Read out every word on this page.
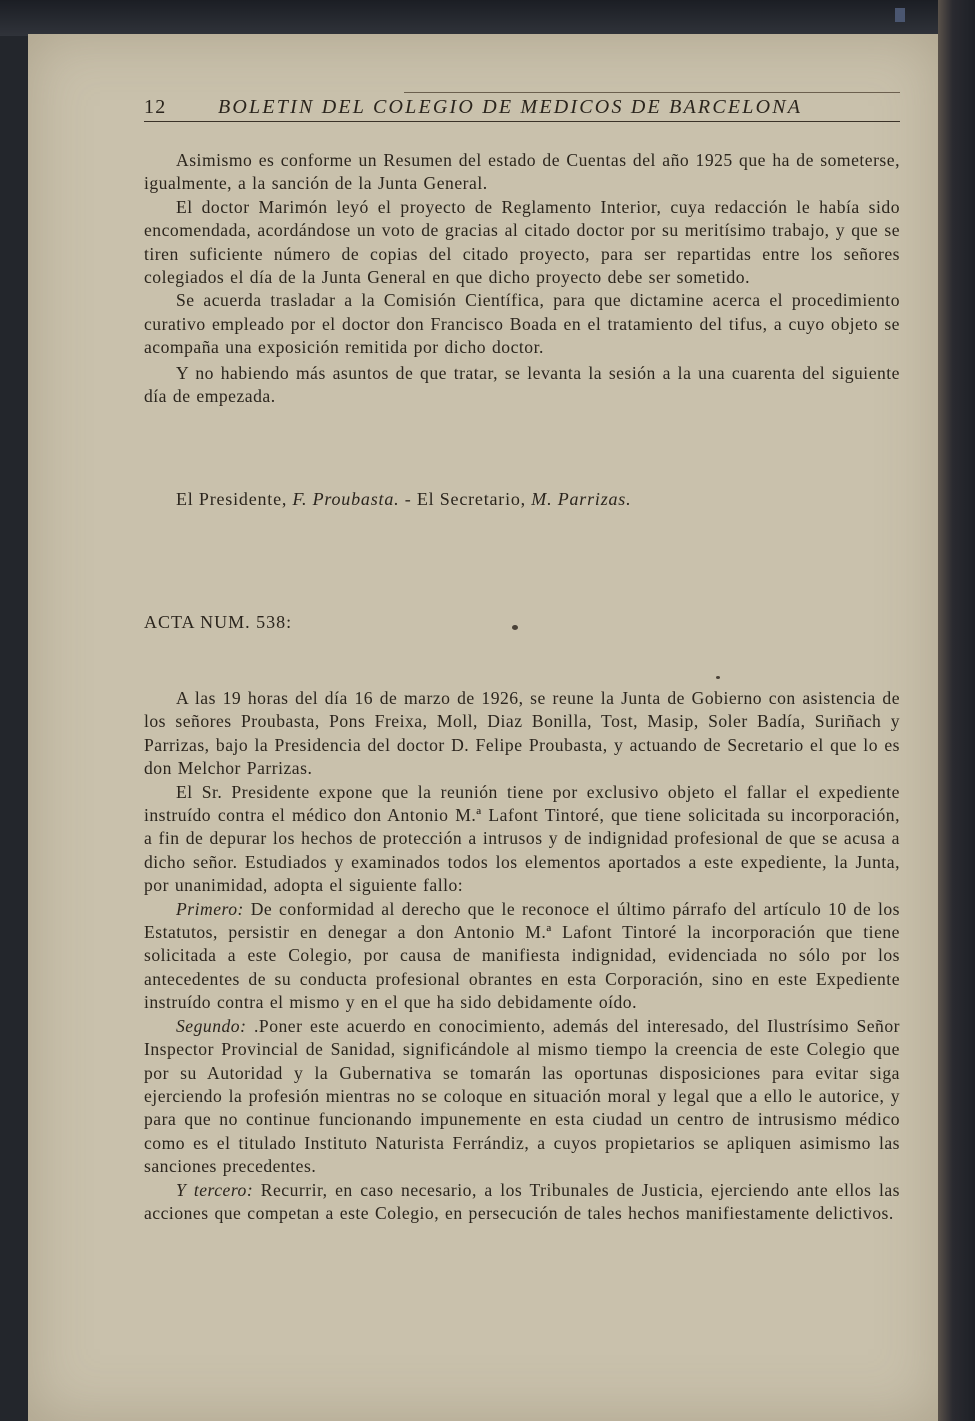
12	BOLETIN DEL COLEGIO DE MEDICOS DE BARCELONA

Asimismo es conforme un Resumen del estado de Cuentas del año 1925 que ha de someterse, igualmente, a la sanción de la Junta General.

El doctor Marimón leyó el proyecto de Reglamento Interior, cuya redacción le había sido encomendada, acordándose un voto de gracias al citado doctor por su meritísimo trabajo, y que se tiren suficiente número de copias del citado proyecto, para ser repartidas entre los señores colegiados el día de la Junta General en que dicho proyecto debe ser sometido.

Se acuerda trasladar a la Comisión Científica, para que dictamine acerca el procedimiento curativo empleado por el doctor don Francisco Boada en el tratamiento del tifus, a cuyo objeto se acompaña una exposición remitida por dicho doctor.

Y no habiendo más asuntos de que tratar, se levanta la sesión a la una cuarenta del siguiente día de empezada.

El Presidente, F. Proubasta. - El Secretario, M. Parrizas.
ACTA NUM. 538:

A las 19 horas del día 16 de marzo de 1926, se reune la Junta de Gobierno con asistencia de los señores Proubasta, Pons Freixa, Moll, Diaz Bonilla, Tost, Masip, Soler Badía, Suriñach y Parrizas, bajo la Presidencia del doctor D. Felipe Proubasta, y actuando de Secretario el que lo es don Melchor Parrizas.

El Sr. Presidente expone que la reunión tiene por exclusivo objeto el fallar el expediente instruído contra el médico don Antonio M.ª Lafont Tintoré, que tiene solicitada su incorporación, a fin de depurar los hechos de protección a intrusos y de indignidad profesional de que se acusa a dicho señor. Estudiados y examinados todos los elementos aportados a este expediente, la Junta, por unanimidad, adopta el siguiente fallo:

Primero: De conformidad al derecho que le reconoce el último párrafo del artículo 10 de los Estatutos, persistir en denegar a don Antonio M.ª Lafont Tintoré la incorporación que tiene solicitada a este Colegio, por causa de manifiesta indignidad, evidenciada no sólo por los antecedentes de su conducta profesional obrantes en esta Corporación, sino en este Expediente instruído contra el mismo y en el que ha sido debidamente oído.

Segundo: .Poner este acuerdo en conocimiento, además del interesado, del Ilustrísimo Señor Inspector Provincial de Sanidad, significándole al mismo tiempo la creencia de este Colegio que por su Autoridad y la Gubernativa se tomarán las oportunas disposiciones para evitar siga ejerciendo la profesión mientras no se coloque en situación moral y legal que a ello le autorice, y para que no continue funcionando impunemente en esta ciudad un centro de intrusismo médico como es el titulado Instituto Naturista Ferrándiz, a cuyos propietarios se apliquen asimismo las sanciones precedentes.

Y tercero: Recurrir, en caso necesario, a los Tribunales de Justicia, ejerciendo ante ellos las acciones que competan a este Colegio, en persecución de tales hechos manifiestamente delictivos.
